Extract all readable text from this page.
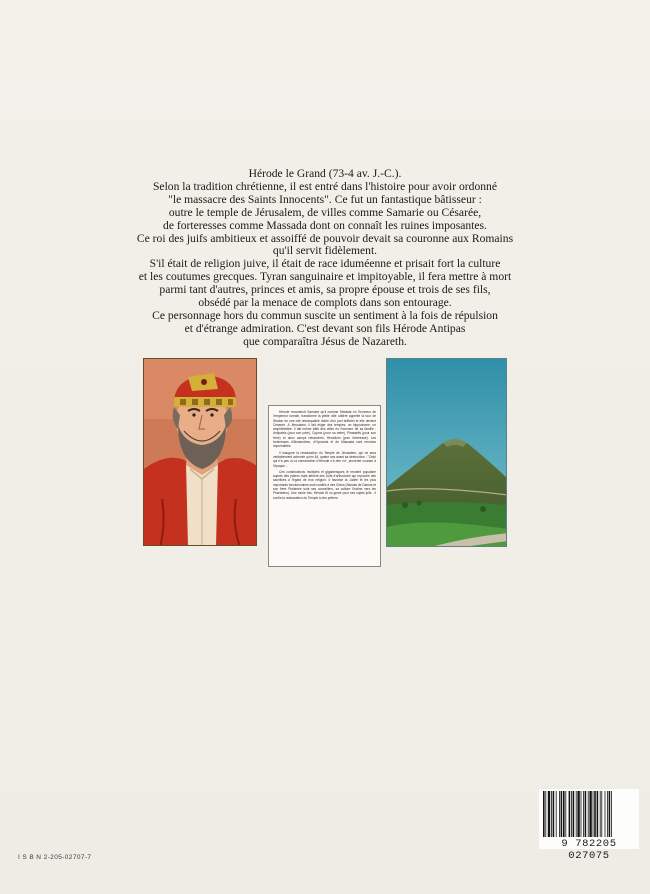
Hérode le Grand (73-4 av. J.-C.).
Selon la tradition chrétienne, il est entré dans l'histoire pour avoir ordonné
"le massacre des Saints Innocents". Ce fut un fantastique bâtisseur :
outre le temple de Jérusalem, de villes comme Samarie ou Césarée,
de forteresses comme Massada dont on connaît les ruines imposantes.
Ce roi des juifs ambitieux et assoiffé de pouvoir devait sa couronne aux Romains
qu'il servit fidèlement.
S'il était de religion juive, il était de race iduméenne et prisait fort la culture
et les coutumes grecques. Tyran sanguinaire et impitoyable, il fera mettre à mort
parmi tant d'autres, princes et amis, sa propre épouse et trois de ses fils,
obsédé par la menace de complots dans son entourage.
Ce personnage hors du commun suscite un sentiment à la fois de répulsion
et d'étrange admiration. C'est devant son fils Hérode Antipas
que comparaîtra Jésus de Nazareth.

Hérode reconstruit Samarie qu'il nomme Sébaste en l'honneur de l'empereur romain, transforme la petite ville côtière appelée la tour de Straton en une cité remarquable dotée d'un port artificiel et elle devient Césarée. A Jérusalem, il fait ériger des temples, un hippodrome, un amphithéâtre. Il fait même bâtir des villes en l'honneur de sa famille : Antipatris (pour son père), Cypros (pour sa mère), Phasaélis (pour son frère) et deux camps retranchés, Hérodium (pour forteresse). Les forteresses d'Alexandrion, d'Hyrcania et de Massada sont rendues imprenables.

Il inaugure la restauration du Temple de Jérusalem, qui ne sera véritablement achevée qu'en 64, quatre ans avant sa destruction : "Celui qui n'a pas vu la construction d'Hérode n'a rien vu", proverbe courant à l'époque...

Ces constructions multiples et gigantesques le rendent populaire auprès des païens mais attirent des Juifs d'orthodoxie qui reproche des sacrifices à l'égard de leur religion. Il favorise la Judée et les plus importants fonctionnaires sont confiés à des Grecs (Nicolas de Damas et son frère Ptolémée sont ses conseillers, sa culture l'incline vers les Pharisiens). Une seule fois, Hérode fit un geste pour ses sujets juifs : il confia la restauration du Temple à des prêtres.

9 782205 027075
I S B N 2-205-02707-7
